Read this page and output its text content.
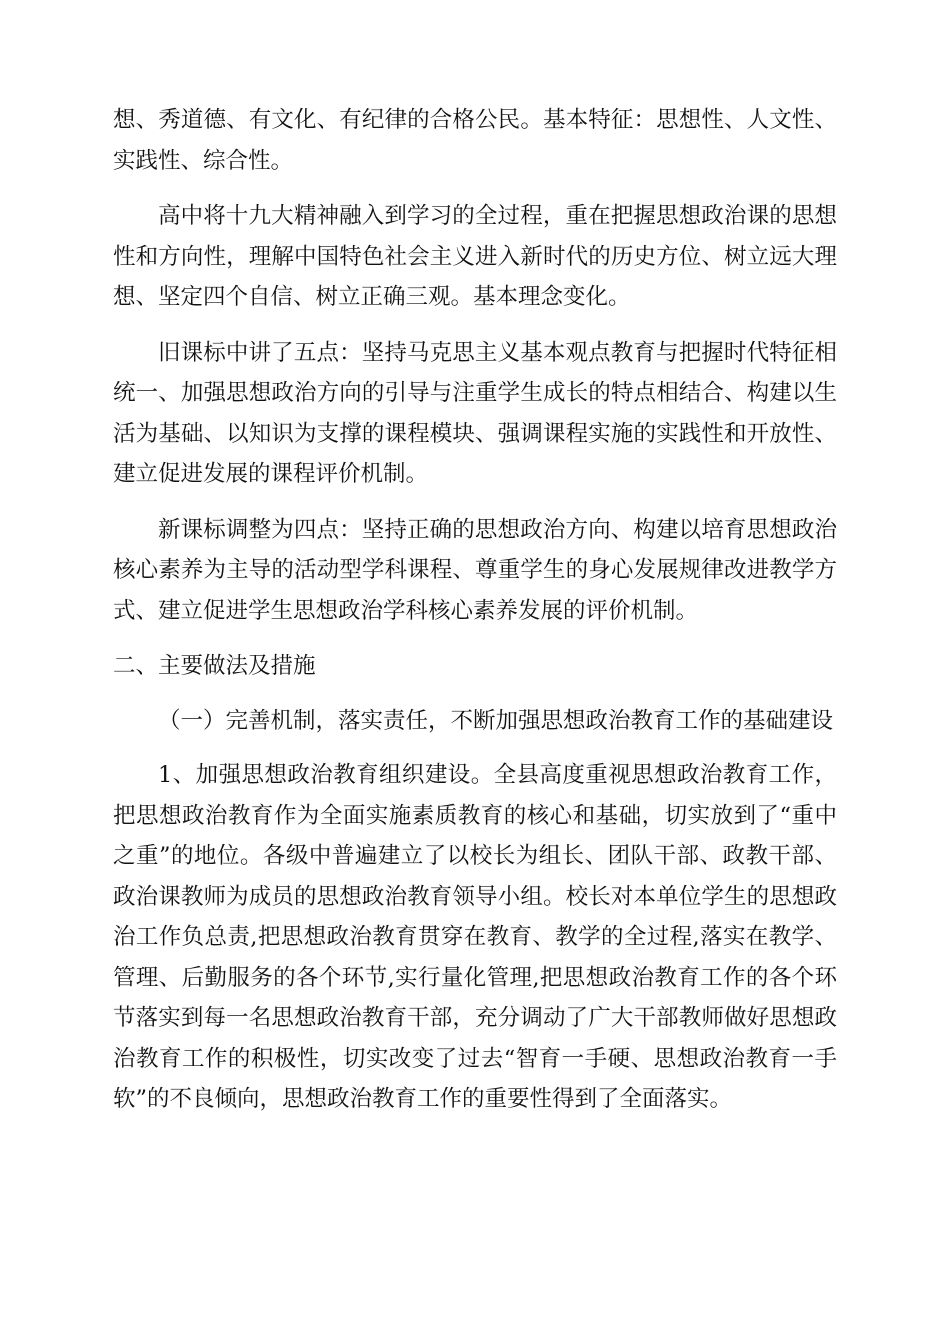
想、秀道德、有文化、有纪律的合格公民。基本特征：思想性、人文性、实践性、综合性。

高中将十九大精神融入到学习的全过程，重在把握思想政治课的思想性和方向性，理解中国特色社会主义进入新时代的历史方位、树立远大理想、坚定四个自信、树立正确三观。基本理念变化。

旧课标中讲了五点：坚持马克思主义基本观点教育与把握时代特征相统一、加强思想政治方向的引导与注重学生成长的特点相结合、构建以生活为基础、以知识为支撑的课程模块、强调课程实施的实践性和开放性、建立促进发展的课程评价机制。

新课标调整为四点：坚持正确的思想政治方向、构建以培育思想政治核心素养为主导的活动型学科课程、尊重学生的身心发展规律改进教学方式、建立促进学生思想政治学科核心素养发展的评价机制。

二、主要做法及措施

（一）完善机制，落实责任，不断加强思想政治教育工作的基础建设

1、加强思想政治教育组织建设。全县高度重视思想政治教育工作，把思想政治教育作为全面实施素质教育的核心和基础，切实放到了“重中之重”的地位。各级中普遍建立了以校长为组长、团队干部、政教干部、政治课教师为成员的思想政治教育领导小组。校长对本单位学生的思想政治工作负总责,把思想政治教育贯穿在教育、教学的全过程,落实在教学、管理、后勤服务的各个环节,实行量化管理,把思想政治教育工作的各个环节落实到每一名思想政治教育干部，充分调动了广大干部教师做好思想政治教育工作的积极性，切实改变了过去“智育一手硬、思想政治教育一手软”的不良倾向，思想政治教育工作的重要性得到了全面落实。
